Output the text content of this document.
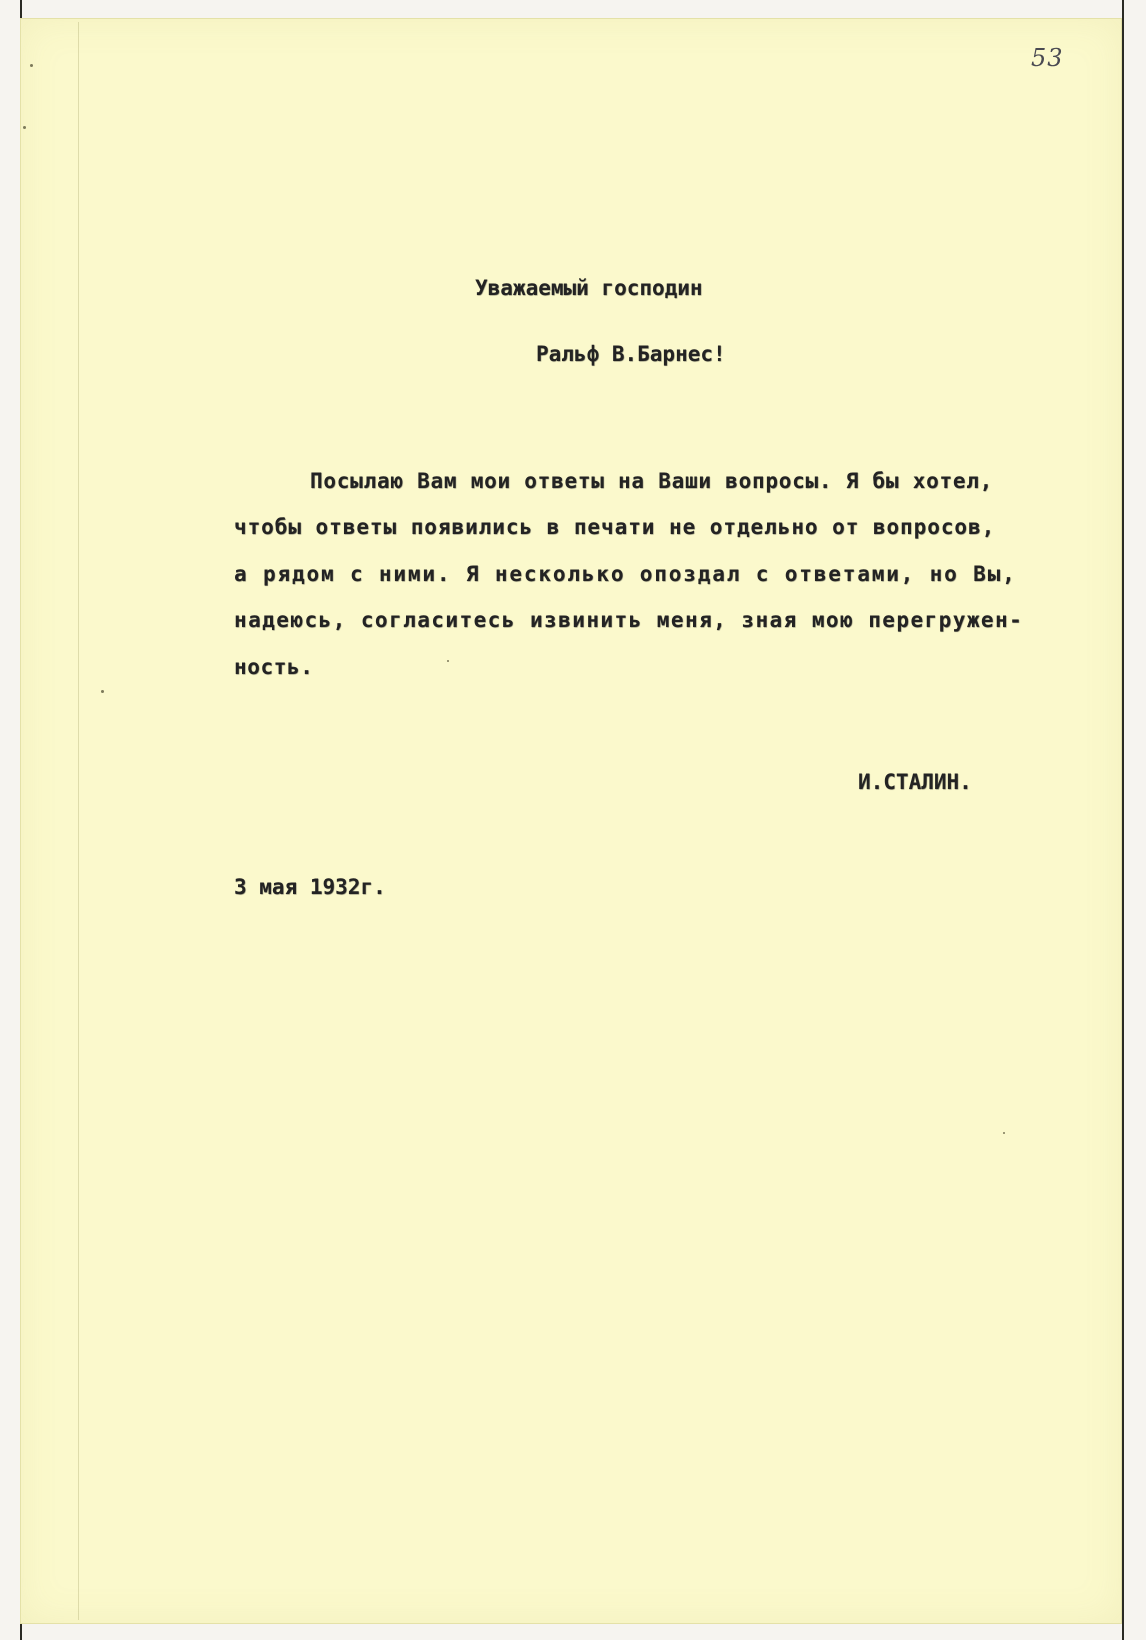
53
Уважаемый господин
Ральф В.Барнес!
Посылаю Вам мои ответы на Ваши вопросы. Я бы хотел,
чтобы ответы появились в печати не отдельно от вопросов,
а рядом с ними. Я несколько опоздал с ответами, но Вы,
надеюсь, согласитесь извинить меня, зная мою перегружен-
ность.
И.СТАЛИН.
3 мая 1932г.
